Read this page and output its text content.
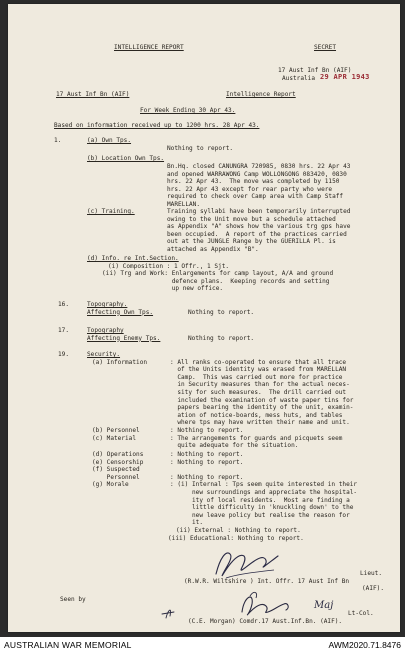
INTELLIGENCE REPORT	SECRET
17 Aust Inf Bn (AIF)
Australia 29 APR 1943
17 Aust Inf Bn (AIF)	Intelligence Report
For Week Ending 30 Apr 43.
Based on information received up to 1200 hrs. 28 Apr 43.
1.	(a) Own Tps.
Nothing to report.
(b) Location Own Tps.
Bn.Hq. closed CANUNGRA 720985, 0830 hrs. 22 Apr 43
and opened WARRAWONG Camp WOLLONGONG 083420, 0830
hrs. 22 Apr 43.  The move was completed by 1150
hrs. 22 Apr 43 except for rear party who were
required to check over Camp area with Camp Staff
MARELLAN.
(c) Training.	Training syllabi have been temporarily interrupted
owing to the Unit move but a schedule attached
as Appendix "A" shows how the various trg gps have
been occupied.  A report of the practices carried
out at the JUNGLE Range by the GUERILLA Pl. is
attached as Appendix "B".
(d) Info. re Int.Section.
(i) Composition : 1 Offr., 1 Sjt.
(ii) Trg and Work: Enlargements for camp layout, A/A and ground
defence plans.  Keeping records and setting
up new office.
16.	Topography.
Affecting Own Tps.	Nothing to report.
17.	Topography
Affecting Enemy Tps.	Nothing to report.
19.	Security.
(a) Information	: All ranks co-operated to ensure that all trace
of the Units identity was erased from MARELLAN
Camp.  This was carried out more for practice
in Security measures than for the actual neces-
sity for such measures.  The drill carried out
included the examination of waste paper tins for
papers bearing the identity of the unit, examin-
ation of notice-boards, mess huts, and tables
where tps may have written their name and unit.
(b) Personnel	: Nothing to report.
(c) Material	: The arrangements for guards and picquets seem
quite adequate for the situation.
(d) Operations	: Nothing to report.
(e) Censorship	: Nothing to report.
(f) Suspected
Personnel	: Nothing to report.
(g) Morale	: (i) Internal : Tps seem quite interested in their
new surroundings and appreciate the hospital-
ity of local residents.  Most are finding a
little difficulty in 'knuckling down' to the
new leave policy but realise the reason for
it.
(ii) External : Nothing to report.
(iii) Educational: Nothing to report.
Lieut.
(R.W.R. Wiltshire ) Int. Offr. 17 Aust Inf Bn
(AIF).
Seen by
Maj
Lt-Col.
(C.E. Morgan) Comdr.17 Aust.Inf.Bn. (AIF).
AUSTRALIAN WAR MEMORIAL	AWM2020.71.8476
